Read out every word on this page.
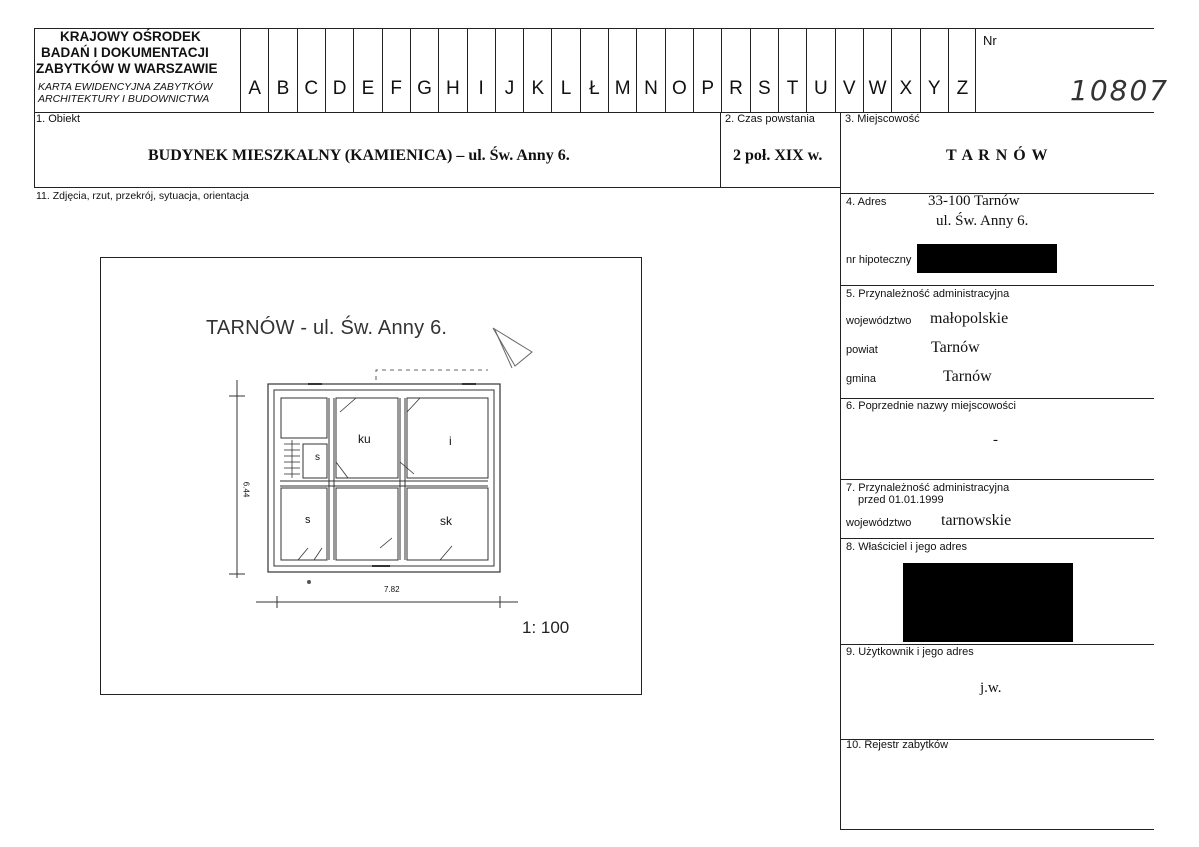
KRAJOWY OŚRODEK
BADAŃ I DOKUMENTACJI
ZABYTKÓW W WARSZAWIE
KARTA EWIDENCYJNA ZABYTKÓW
ARCHITEKTURY I BUDOWNICTWA	A B C D E F G H I	J K L Ł M N O P R S T U V W X Y Z
Nr
10807
1. Obiekt
BUDYNEK MIESZKALNY (KAMIENICA) – ul. Św. Anny 6.
2. Czas powstania
2 poł. XIX w.
3. Miejscowość
T A R N Ó W
11. Zdjęcia, rzut, przekrój, sytuacja, orientacja	4. Adres	33-100 Tarnów
ul. Św. Anny 6.
nr hipoteczny
5. Przynależność administracyjna
województwo małopolskie
powiat	Tarnów
gmina	Tarnów
6. Poprzednie nazwy miejscowości
-
7. Przynależność administracyjna
przed 01.01.1999
województwo tarnowskie
8. Właściciel i jego adres
9. Użytkownik i jego adres
j.w.
10. Rejestr zabytków
TARNÓW - ul. Św. Anny 6.
1: 100
7.82
6.44
ku	i
s
s	sk
